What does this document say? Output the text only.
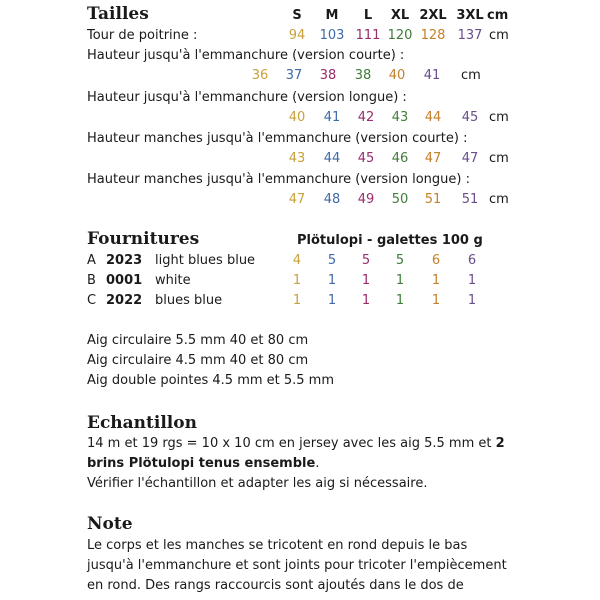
Tailles	S	M	L	XL 2XL 3XL cm
Tour de poitrine :	94	103 111 120 128 137 cm
Hauteur jusqu'à l'emmanchure (version courte) :
36	37	38	38	40	41	cm
Hauteur jusqu'à l'emmanchure (version longue) :
40	41	42	43	44	45 cm
Hauteur manches jusqu'à l'emmanchure (version courte) :
43	44	45	46	47	47 cm
Hauteur manches jusqu'à l'emmanchure (version longue) :
47	48	49	50	51	51 cm
Fournitures	Plötulopi - galettes 100 g
A 2023 light blues blue	4	5	5	5	6	6
B 0001 white	1	1	1	1	1	1
C 2022 blues blue	1	1	1	1	1	1
Aig circulaire 5.5 mm 40 et 80 cm
Aig circulaire 4.5 mm 40 et 80 cm
Aig double pointes 4.5 mm et 5.5 mm
Echantillon
14 m et 19 rgs = 10 x 10 cm en jersey avec les aig 5.5 mm et 2
brins Plötulopi tenus ensemble.
Vérifier l'échantillon et adapter les aig si nécessaire.
Note
Le corps et les manches se tricotent en rond depuis le bas
jusqu'à l'emmanchure et sont joints pour tricoter l'empiècement
en rond. Des rangs raccourcis sont ajoutés dans le dos de
